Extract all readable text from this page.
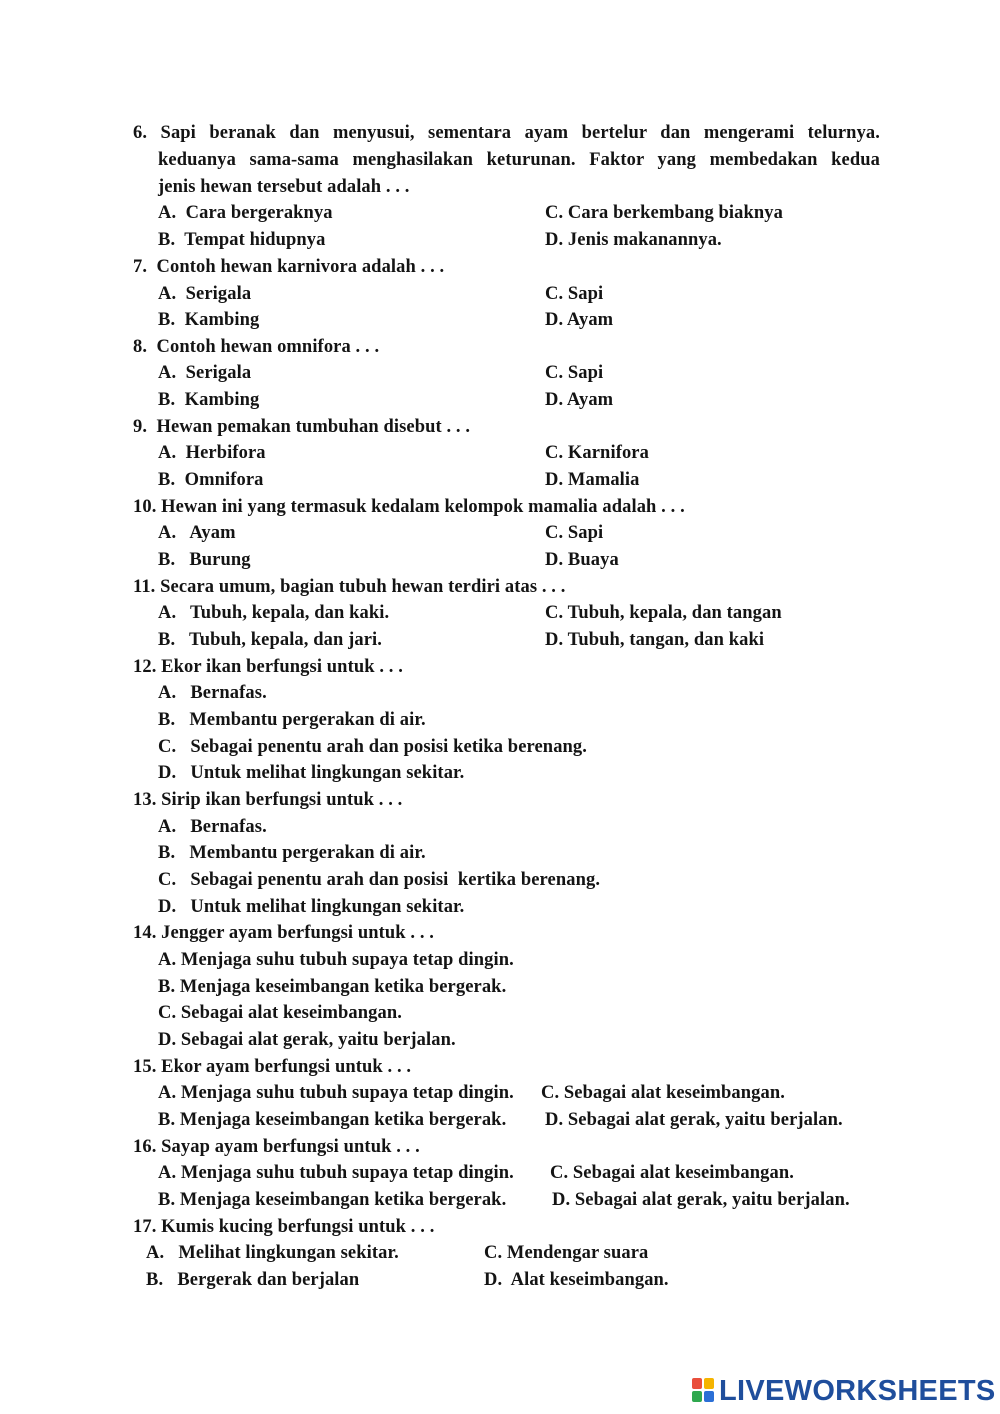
6. Sapi beranak dan menyusui, sementara ayam bertelur dan mengerami telurnya.
keduanya sama-sama menghasilakan keturunan. Faktor yang membedakan kedua
jenis hewan tersebut adalah . . .
A.  Cara bergeraknya	C. Cara berkembang biaknya
B.  Tempat hidupnya	D. Jenis makanannya.
7.  Contoh hewan karnivora adalah . . .
A.  Serigala	C. Sapi
B.  Kambing	D. Ayam
8.  Contoh hewan omnifora . . .
A.  Serigala	C. Sapi
B.  Kambing	D. Ayam
9.  Hewan pemakan tumbuhan disebut . . .
A.  Herbifora	C. Karnifora
B.  Omnifora	D. Mamalia
10. Hewan ini yang termasuk kedalam kelompok mamalia adalah . . .
A.   Ayam	C. Sapi
B.   Burung	D. Buaya
11. Secara umum, bagian tubuh hewan terdiri atas . . .
A.   Tubuh, kepala, dan kaki.	C. Tubuh, kepala, dan tangan
B.   Tubuh, kepala, dan jari.	D. Tubuh, tangan, dan kaki
12. Ekor ikan berfungsi untuk . . .
A.   Bernafas.
B.   Membantu pergerakan di air.
C.   Sebagai penentu arah dan posisi ketika berenang.
D.   Untuk melihat lingkungan sekitar.
13. Sirip ikan berfungsi untuk . . .
A.   Bernafas.
B.   Membantu pergerakan di air.
C.   Sebagai penentu arah dan posisi  kertika berenang.
D.   Untuk melihat lingkungan sekitar.
14. Jengger ayam berfungsi untuk . . .
A. Menjaga suhu tubuh supaya tetap dingin.
B. Menjaga keseimbangan ketika bergerak.
C. Sebagai alat keseimbangan.
D. Sebagai alat gerak, yaitu berjalan.
15. Ekor ayam berfungsi untuk . . .
A. Menjaga suhu tubuh supaya tetap dingin. C. Sebagai alat keseimbangan.
B. Menjaga keseimbangan ketika bergerak. D. Sebagai alat gerak, yaitu berjalan.
16. Sayap ayam berfungsi untuk . . .
A. Menjaga suhu tubuh supaya tetap dingin. C. Sebagai alat keseimbangan.
B. Menjaga keseimbangan ketika bergerak. D. Sebagai alat gerak, yaitu berjalan.
17. Kumis kucing berfungsi untuk . . .
A.   Melihat lingkungan sekitar.	C. Mendengar suara
B.   Bergerak dan berjalan	D.  Alat keseimbangan.
LIVEWORKSHEETS
